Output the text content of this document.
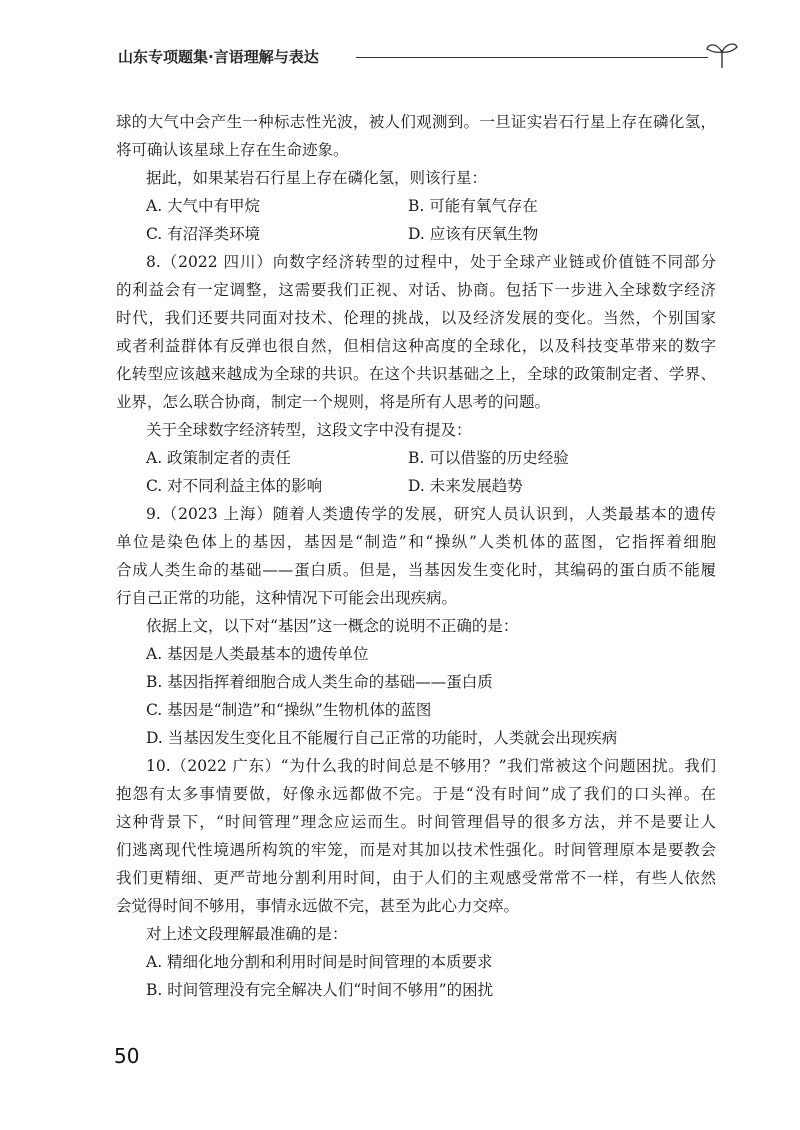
山东专项题集·言语理解与表达
球的大气中会产生一种标志性光波，被人们观测到。一旦证实岩石行星上存在磷化氢，
将可确认该星球上存在生命迹象。
据此，如果某岩石行星上存在磷化氢，则该行星：
A. 大气中有甲烷	B. 可能有氧气存在
C. 有沼泽类环境	D. 应该有厌氧生物
8.（2022 四川）向数字经济转型的过程中，处于全球产业链或价值链不同部分
的利益会有一定调整，这需要我们正视、对话、协商。包括下一步进入全球数字经济
时代，我们还要共同面对技术、伦理的挑战，以及经济发展的变化。当然，个别国家
或者利益群体有反弹也很自然，但相信这种高度的全球化，以及科技变革带来的数字
化转型应该越来越成为全球的共识。在这个共识基础之上，全球的政策制定者、学界、
业界，怎么联合协商，制定一个规则，将是所有人思考的问题。
关于全球数字经济转型，这段文字中没有提及：
A. 政策制定者的责任	B. 可以借鉴的历史经验
C. 对不同利益主体的影响	D. 未来发展趋势
9.（2023 上海）随着人类遗传学的发展，研究人员认识到，人类最基本的遗传
单位是染色体上的基因，基因是“制造”和“操纵”人类机体的蓝图，它指挥着细胞
合成人类生命的基础——蛋白质。但是，当基因发生变化时，其编码的蛋白质不能履
行自己正常的功能，这种情况下可能会出现疾病。
依据上文，以下对“基因”这一概念的说明不正确的是：
A. 基因是人类最基本的遗传单位
B. 基因指挥着细胞合成人类生命的基础——蛋白质
C. 基因是“制造”和“操纵”生物机体的蓝图
D. 当基因发生变化且不能履行自己正常的功能时，人类就会出现疾病
10.（2022 广东）“为什么我的时间总是不够用？”我们常被这个问题困扰。我们
抱怨有太多事情要做，好像永远都做不完。于是“没有时间”成了我们的口头禅。在
这种背景下，“时间管理”理念应运而生。时间管理倡导的很多方法，并不是要让人
们逃离现代性境遇所构筑的牢笼，而是对其加以技术性强化。时间管理原本是要教会
我们更精细、更严苛地分割利用时间，由于人们的主观感受常常不一样，有些人依然
会觉得时间不够用，事情永远做不完，甚至为此心力交瘁。
对上述文段理解最准确的是：
A. 精细化地分割和利用时间是时间管理的本质要求
B. 时间管理没有完全解决人们“时间不够用”的困扰
50
